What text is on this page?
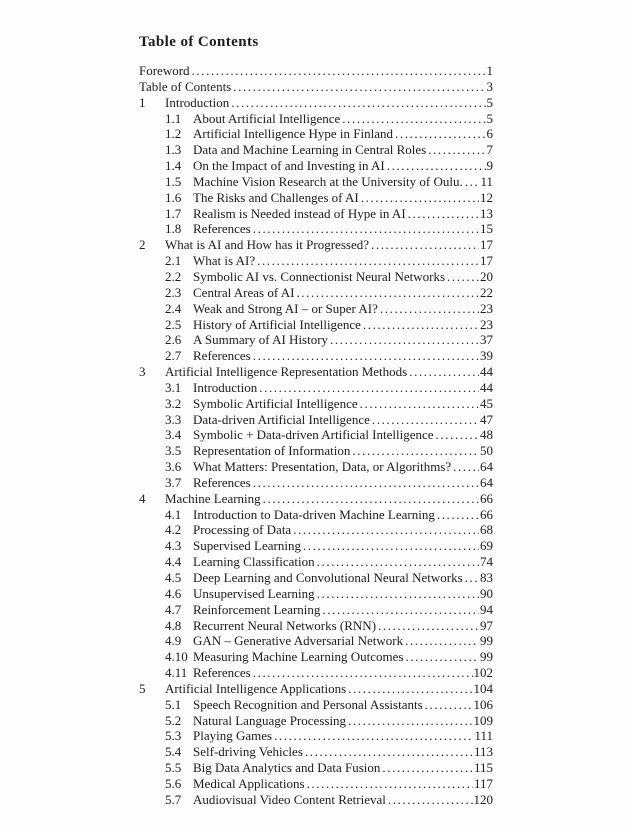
Table of Contents
Foreword .....	1
Table of Contents .....	3
1	Introduction .....	5
1.1 About Artificial Intelligence .....	5
1.2 Artificial Intelligence Hype in Finland .....	6
1.3 Data and Machine Learning in Central Roles .....	7
1.4 On the Impact of and Investing in AI .....	9
1.5 Machine Vision Research at the University of Oulu. ..... 11
1.6 The Risks and Challenges of AI .....	12
1.7 Realism is Needed instead of Hype in AI .....	13
1.8 References .....	15
2	What is AI and How has it Progressed? .....	17
2.1 What is AI? .....	17
2.2 Symbolic AI vs. Connectionist Neural Networks .....	20
2.3 Central Areas of AI .....	22
2.4 Weak and Strong AI – or Super AI? .....	23
2.5 History of Artificial Intelligence .....	23
2.6 A Summary of AI History .....	37
2.7 References .....	39
3	Artificial Intelligence Representation Methods .....	44
3.1 Introduction .....	44
3.2 Symbolic Artificial Intelligence .....	45
3.3 Data-driven Artificial Intelligence .....	47
3.4 Symbolic + Data-driven Artificial Intelligence .....	48
3.5 Representation of Information .....	50
3.6 What Matters: Presentation, Data, or Algorithms? ..... 64
3.7 References .....	64
4	Machine Learning .....	66
4.1 Introduction to Data-driven Machine Learning .....	66
4.2 Processing of Data .....	68
4.3 Supervised Learning .....	69
4.4 Learning Classification .....	74
4.5 Deep Learning and Convolutional Neural Networks ..... 83
4.6 Unsupervised Learning .....	90
4.7 Reinforcement Learning .....	94
4.8 Recurrent Neural Networks (RNN) .....	97
4.9 GAN – Generative Adversarial Network .....	99
4.10 Measuring Machine Learning Outcomes .....	99
4.11 References .....	102
5	Artificial Intelligence Applications .....	104
5.1 Speech Recognition and Personal Assistants .....	106
5.2 Natural Language Processing .....	109
5.3 Playing Games .....	111
5.4 Self-driving Vehicles .....	113
5.5 Big Data Analytics and Data Fusion .....	115
5.6 Medical Applications .....	117
5.7 Audiovisual Video Content Retrieval .....	120
